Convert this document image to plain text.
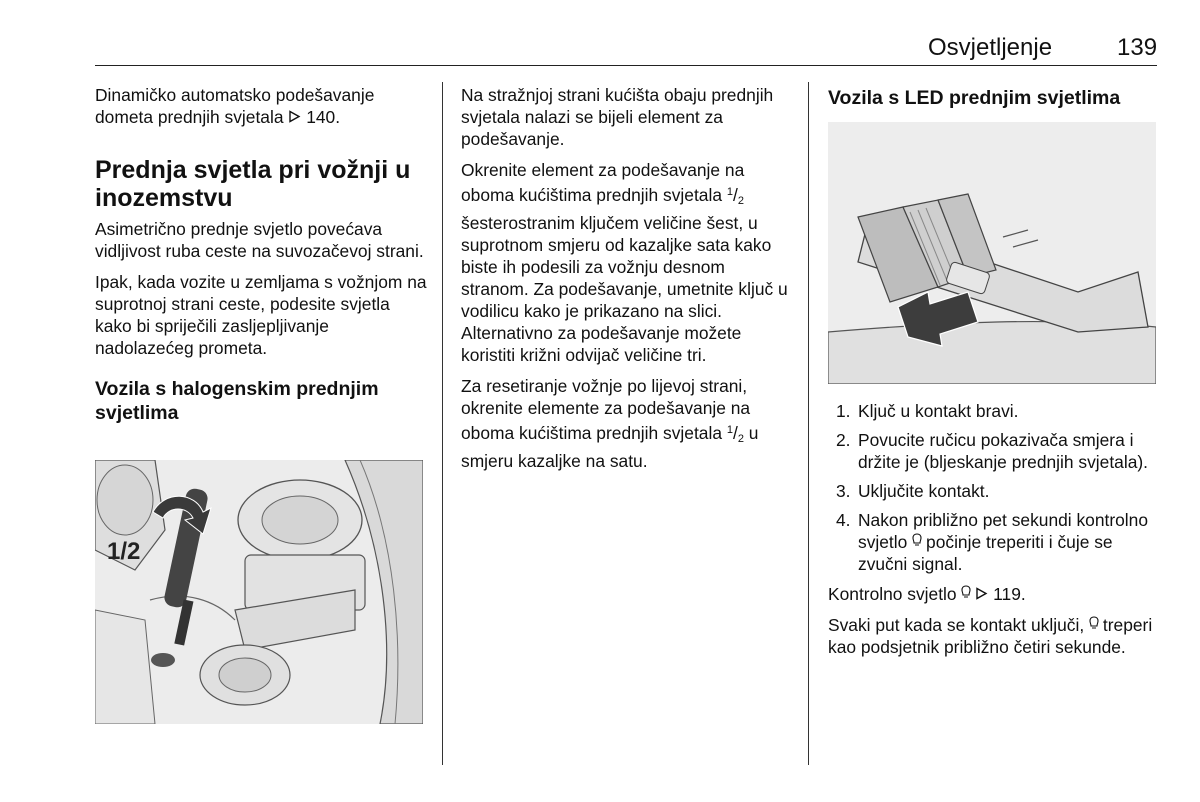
Osvjetljenje	139

Dinamičko automatsko podešavanje dometa prednjih svjetala 140.

Prednja svjetla pri vožnji u inozemstvu

Asimetrično prednje svjetlo povećava vidljivost ruba ceste na suvozačevoj strani.

Ipak, kada vozite u zemljama s vožnjom na suprotnoj strani ceste, podesite svjetla kako bi spriječili zasljepljivanje nadolazećeg prometa.

Vozila s halogenskim prednjim svjetlima
1/2

Na stražnjoj strani kućišta obaju prednjih svjetala nalazi se bijeli element za podešavanje.

Okrenite element za podešavanje na oboma kućištima prednjih svjetala $^1/_2$ šesterostranim ključem veličine šest, u suprotnom smjeru od kazaljke sata kako biste ih podesili za vožnju desnom stranom. Za podešavanje, umetnite ključ u vodilicu kako je prikazano na slici. Alternativno za podešavanje možete koristiti križni odvijač veličine tri.

Za resetiranje vožnje po lijevoj strani, okrenite elemente za podešavanje na oboma kućištima prednjih svjetala $^1/_2$ u smjeru kazaljke na satu.

Vozila s LED prednjim svjetlima
1. Ključ u kontakt bravi.
2. Povucite ručicu pokazivača smjera i držite je (bljeskanje prednjih svjetala).
3. Uključite kontakt.
4. Nakon približno pet sekundi kontrolno svjetlo počinje treperiti i čuje se zvučni signal.

Kontrolno svjetlo 119.

Svaki put kada se kontakt uključi, treperi kao podsjetnik približno četiri sekunde.
